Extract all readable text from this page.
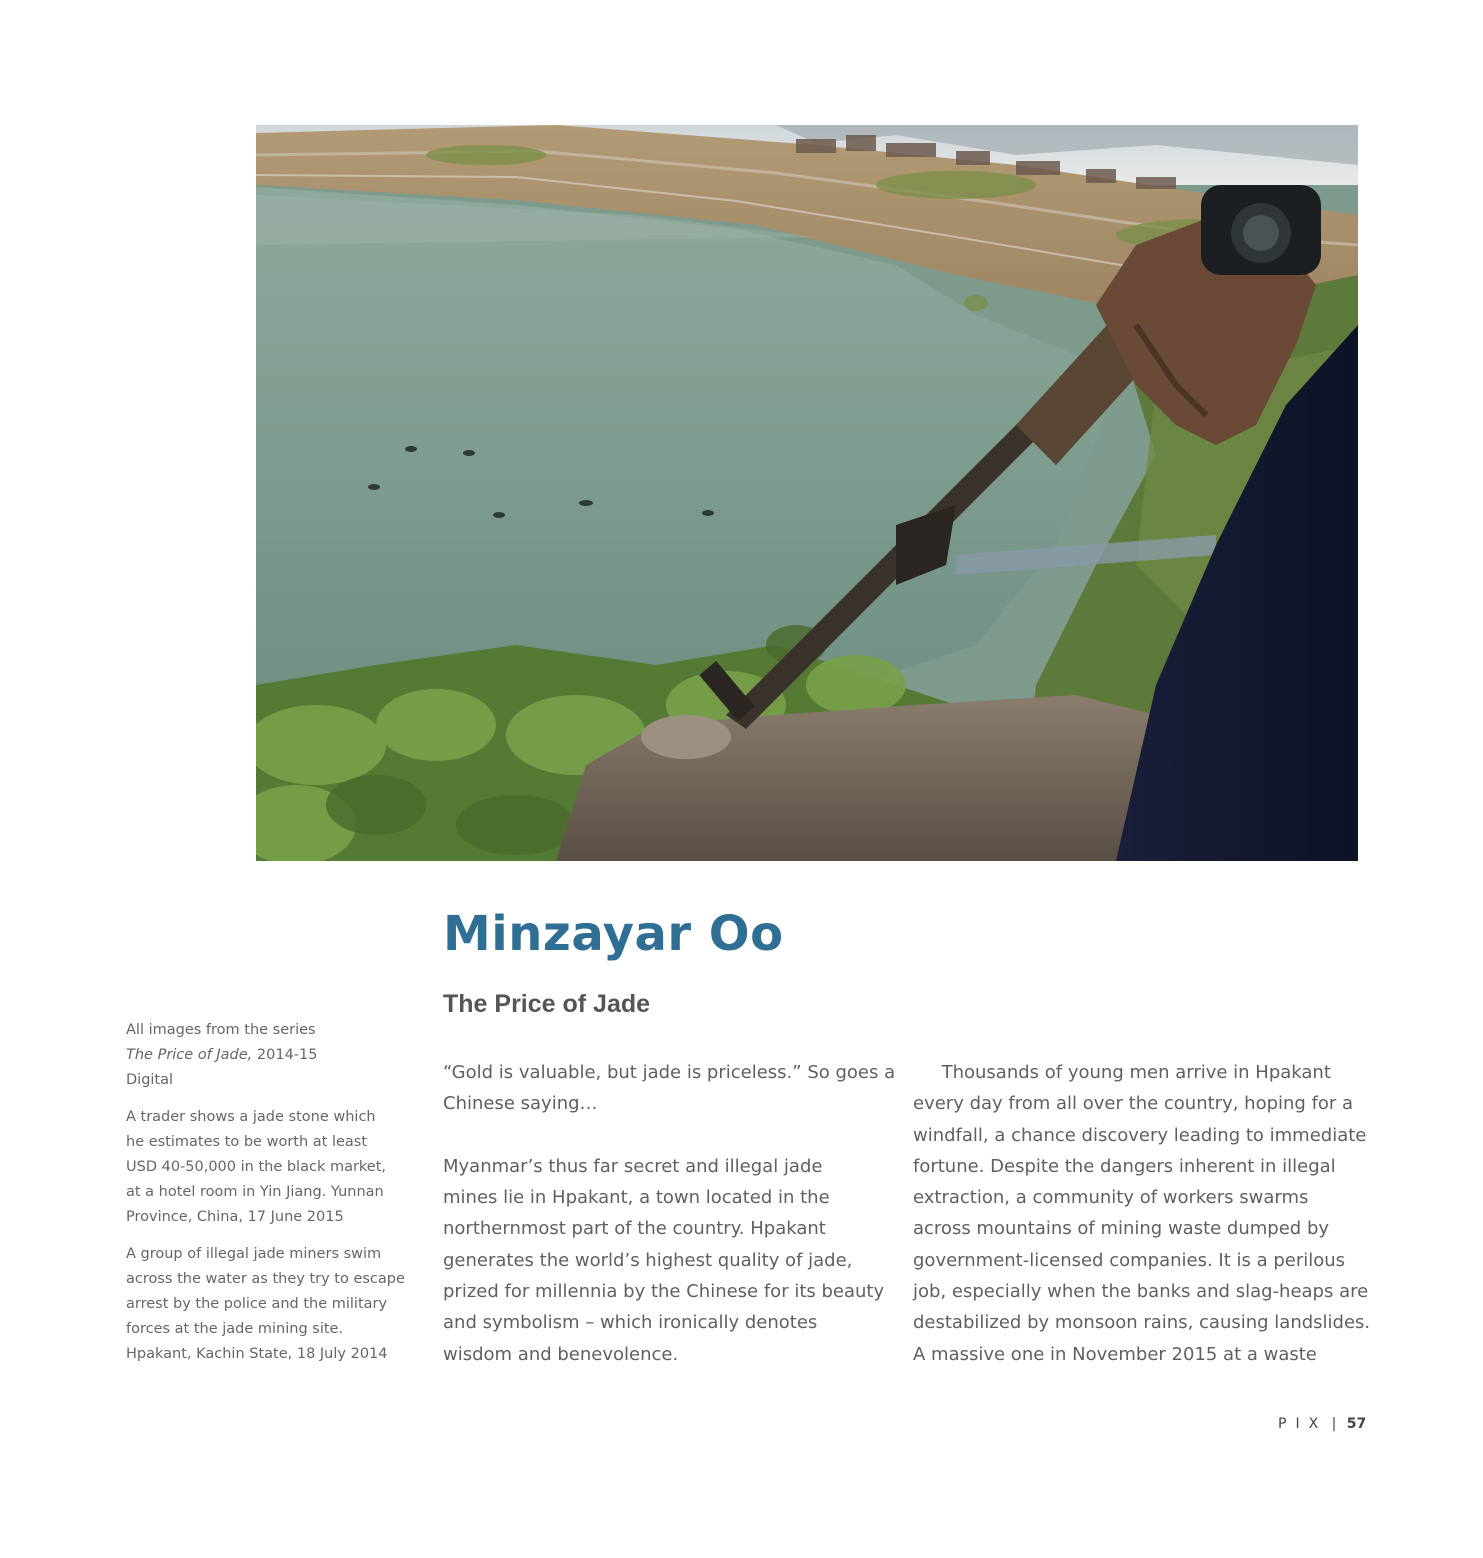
Minzayar Oo
The Price of Jade

All images from the series
The Price of Jade, 2014-15
Digital

A trader shows a jade stone which
he estimates to be worth at least
USD 40-50,000 in the black market,
at a hotel room in Yin Jiang. Yunnan
Province, China, 17 June 2015

A group of illegal jade miners swim
across the water as they try to escape
arrest by the police and the military
forces at the jade mining site.
Hpakant, Kachin State, 18 July 2014

“Gold is valuable, but jade is priceless.” So goes a
Chinese saying…
Myanmar’s thus far secret and illegal jade
mines lie in Hpakant, a town located in the
northernmost part of the country. Hpakant
generates the world’s highest quality of jade,
prized for millennia by the Chinese for its beauty
and symbolism – which ironically denotes
wisdom and benevolence.
Thousands of young men arrive in Hpakant
every day from all over the country, hoping for a
windfall, a chance discovery leading to immediate
fortune. Despite the dangers inherent in illegal
extraction, a community of workers swarms
across mountains of mining waste dumped by
government-licensed companies. It is a perilous
job, especially when the banks and slag-heaps are
destabilized by monsoon rains, causing landslides.
A massive one in November 2015 at a waste
PIX | 57
